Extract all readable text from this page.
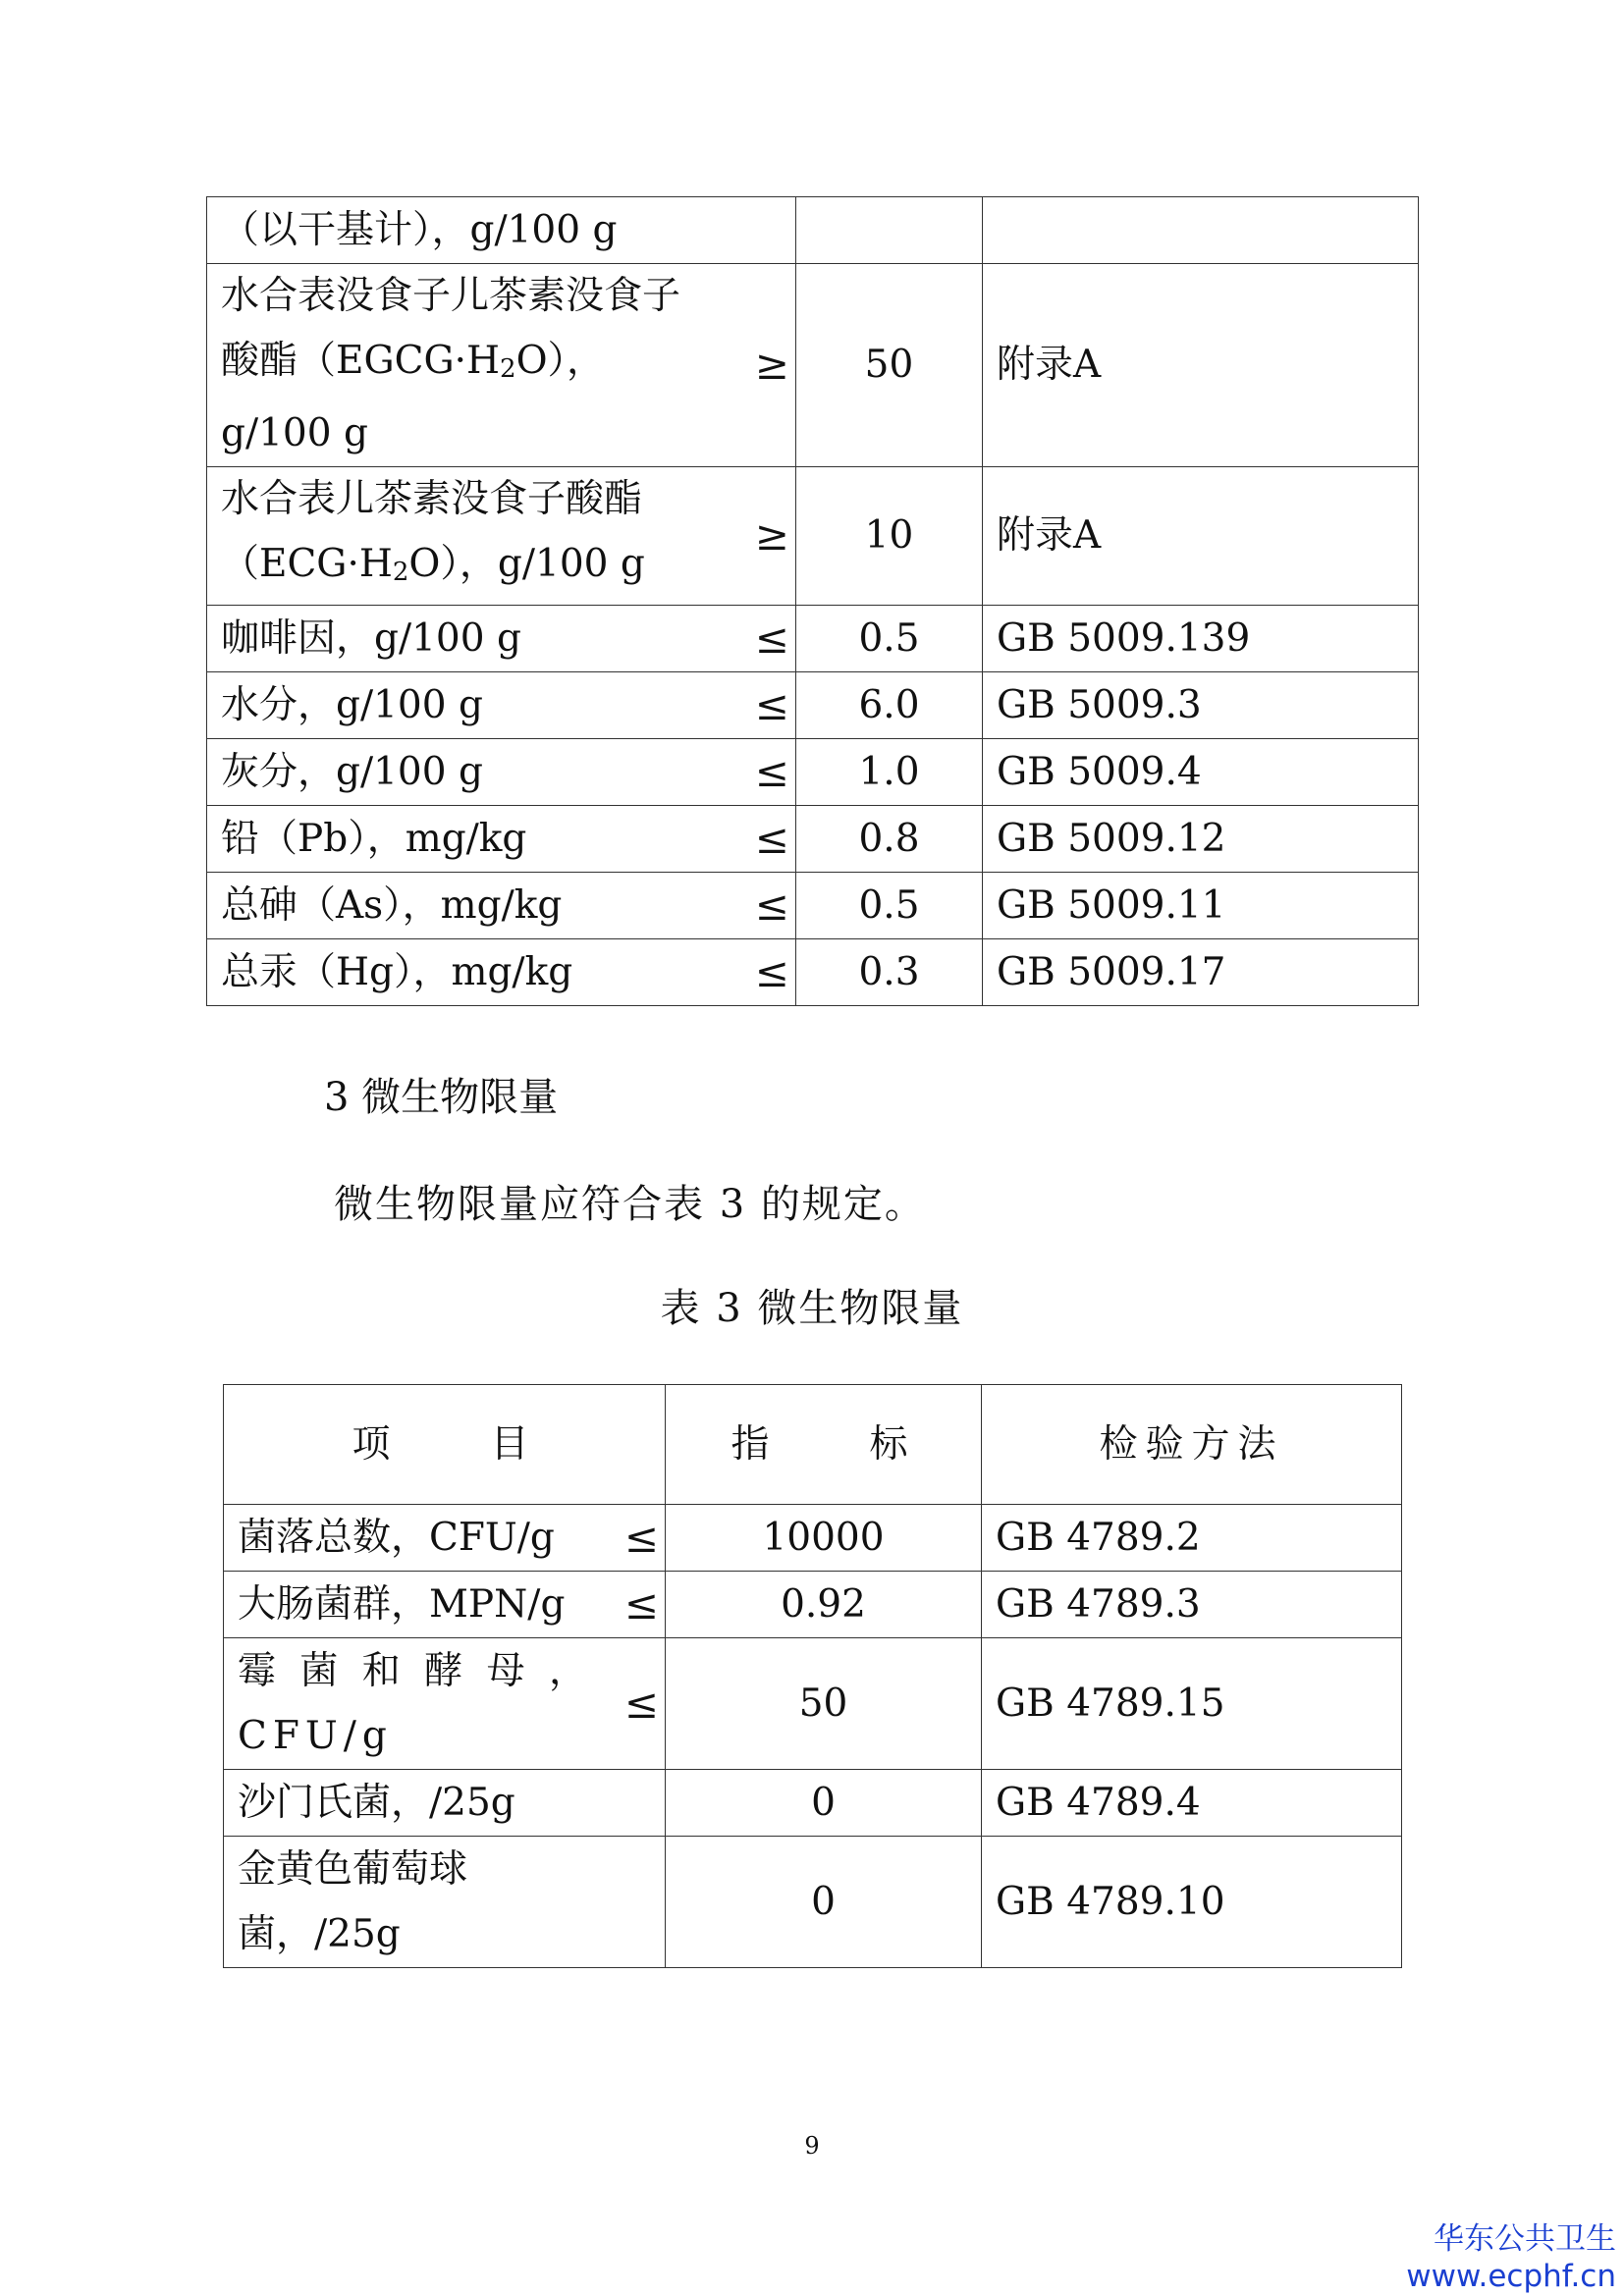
（以干基计），g/100 g			
水合表没食子儿茶素没食子酸酯$(EGCG\cdot H_2O)$，g/100 g	≥	50	附录A
水合表儿茶素没食子酸酯$(ECG\cdot H_2O)$，g/100 g	≥	10	附录A
咖啡因，g/100 g	≤	0.5	GB 5009.139
水分，g/100 g	≤	6.0	GB 5009.3
灰分，g/100 g	≤	1.0	GB 5009.4
铅（Pb），mg/kg	≤	0.8	GB 5009.12
总砷（As），mg/kg	≤	0.5	GB 5009.11
总汞（Hg），mg/kg	≤	0.3	GB 5009.17
3 微生物限量
微生物限量应符合表 3 的规定。
表 3 微生物限量
项　　目		指　　标	检验方法
菌落总数，CFU/g	≤	10000	GB 4789.2
大肠菌群，MPN/g	≤	0.92	GB 4789.3
霉 菌 和 酵 母 ， CFU/g	≤	50	GB 4789.15
沙门氏菌，/25g		0	GB 4789.4
金黄色葡萄球菌，/25g		0	GB 4789.10
9
华东公共卫生
www.ecphf.cn
